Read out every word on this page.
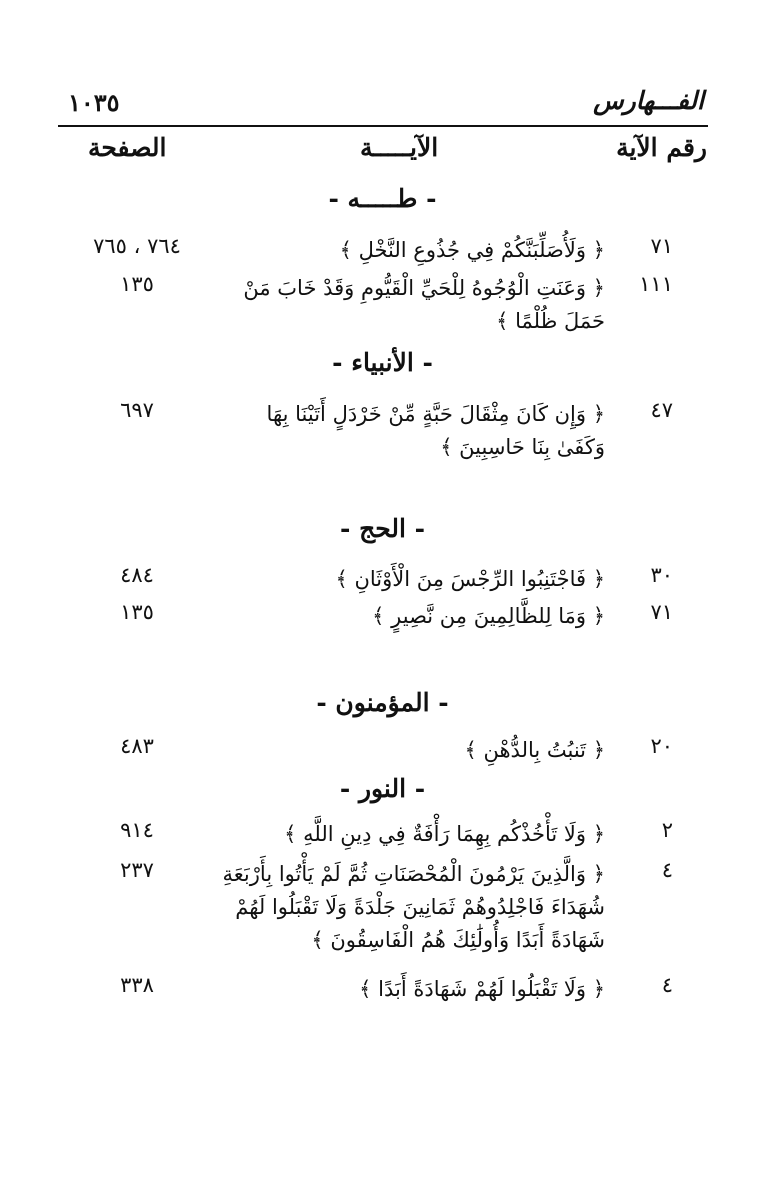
١٠٣٥	الفـــهارس
رقم الآية
الآيـــــة
الصفحة
- طـــــه -
٧١
﴿ وَلَأُصَلِّبَنَّكُمْ فِي جُذُوعِ النَّخْلِ ﴾
٧٦٤ ، ٧٦٥
١١١
﴿ وَعَنَتِ الْوُجُوهُ لِلْحَيِّ الْقَيُّومِ وَقَدْ خَابَ مَنْ حَمَلَ ظُلْمًا ﴾
١٣٥
- الأنبياء -
٤٧
﴿ وَإِن كَانَ مِثْقَالَ حَبَّةٍ مِّنْ خَرْدَلٍ أَتَيْنَا بِهَا وَكَفَىٰ بِنَا حَاسِبِينَ ﴾
٦٩٧
- الحج -
٣٠
﴿ فَاجْتَنِبُوا الرِّجْسَ مِنَ الْأَوْثَانِ ﴾
٤٨٤
٧١
﴿ وَمَا لِلظَّالِمِينَ مِن نَّصِيرٍ ﴾
١٣٥
- المؤمنون -
٢٠
﴿ تَنبُتُ بِالدُّهْنِ ﴾
٤٨٣
- النور -
٢
﴿ وَلَا تَأْخُذْكُم بِهِمَا رَأْفَةٌ فِي دِينِ اللَّهِ ﴾
٩١٤
٤
﴿ وَالَّذِينَ يَرْمُونَ الْمُحْصَنَاتِ ثُمَّ لَمْ يَأْتُوا بِأَرْبَعَةِ شُهَدَاءَ فَاجْلِدُوهُمْ ثَمَانِينَ جَلْدَةً وَلَا تَقْبَلُوا لَهُمْ شَهَادَةً أَبَدًا وَأُولَٰئِكَ هُمُ الْفَاسِقُونَ ﴾
٢٣٧
٤
﴿ وَلَا تَقْبَلُوا لَهُمْ شَهَادَةً أَبَدًا ﴾
٣٣٨
